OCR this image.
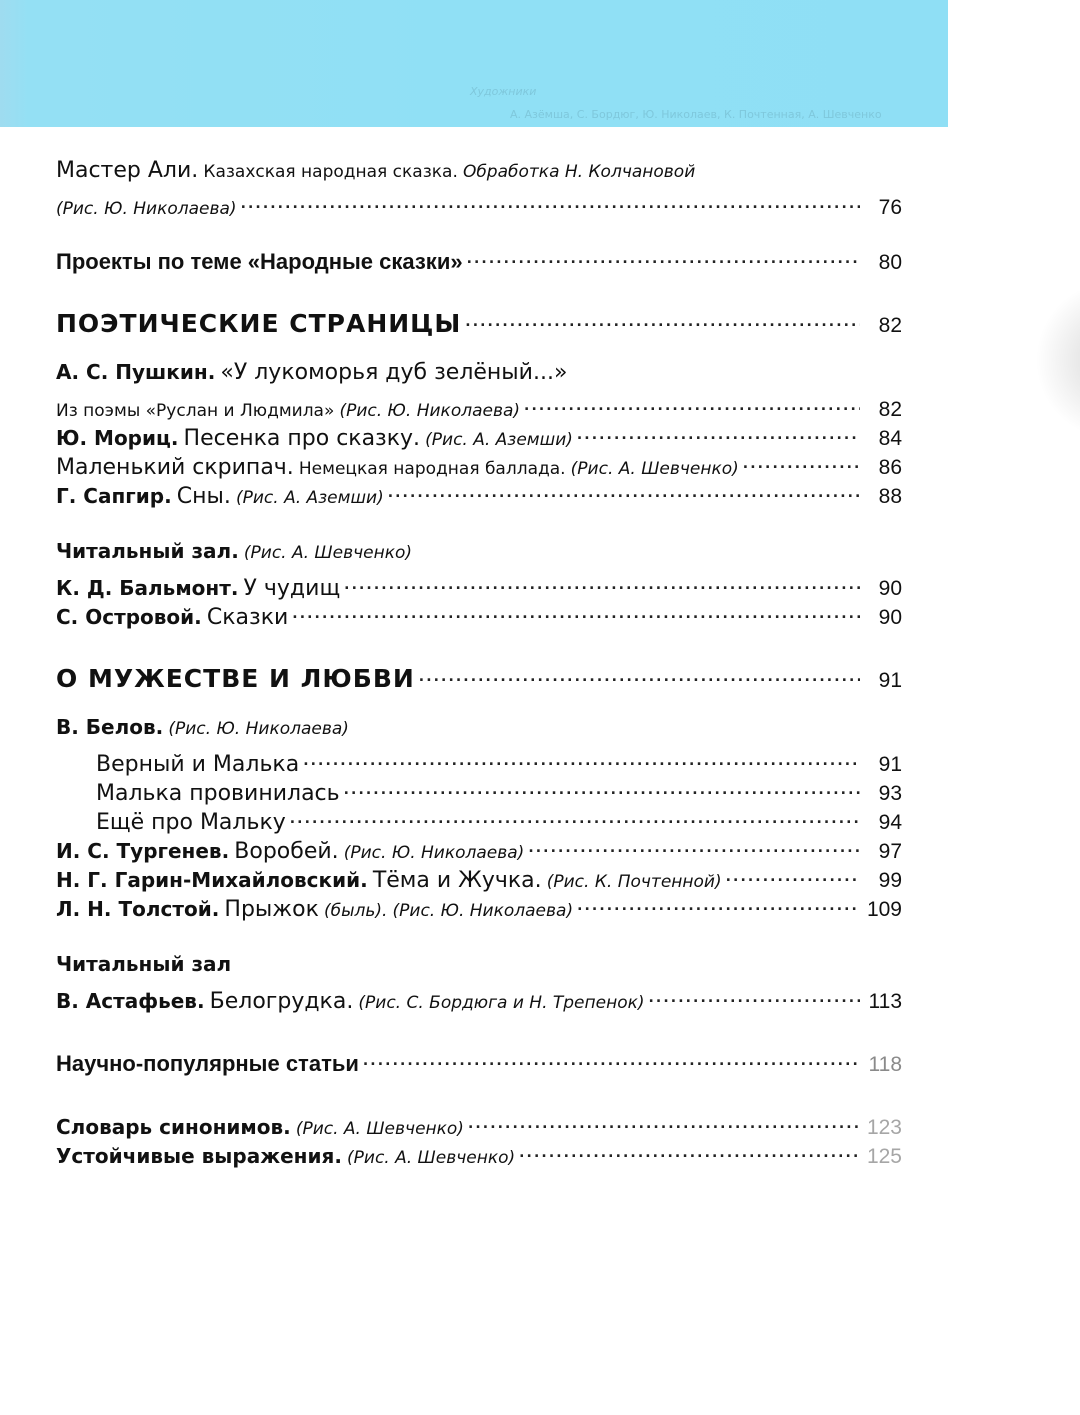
Художники
А. Азёмша, С. Бордюг, Ю. Николаев, К. Почтенная, А. Шевченко
Мастер Али. Казахская народная сказка. Обработка Н. Колчановой
(Рис. Ю. Николаева) .....	76
Проекты по теме «Народные сказки» .....	80
ПОЭТИЧЕСКИЕ СТРАНИЦЫ .....	82
А. С. Пушкин. «У лукоморья дуб зелёный...»
Из поэмы «Руслан и Людмила» (Рис. Ю. Николаева) .....	82
Ю. Мориц. Песенка про сказку. (Рис. А. Аземши) .....	84
Маленький скрипач. Немецкая народная баллада. (Рис. А. Шевченко) .....	86
Г. Сапгир. Сны. (Рис. А. Аземши) .....	88
Читальный зал. (Рис. А. Шевченко)
К. Д. Бальмонт. У чудищ .....	90
С. Островой. Сказки .....	90
О МУЖЕСТВЕ И ЛЮБВИ .....	91
В. Белов. (Рис. Ю. Николаева)
Верный и Малька .....	91
Малька провинилась .....	93
Ещё про Мальку .....	94
И. С. Тургенев. Воробей. (Рис. Ю. Николаева) .....	97
Н. Г. Гарин-Михайловский. Тёма и Жучка. (Рис. К. Почтенной) .....	99
Л. Н. Толстой. Прыжок (быль). (Рис. Ю. Николаева) .....	109
Читальный зал
В. Астафьев. Белогрудка. (Рис. С. Бордюга и Н. Трепенок) .....	113
Научно-популярные статьи .....	118
Словарь синонимов. (Рис. А. Шевченко) .....	123
Устойчивые выражения. (Рис. А. Шевченко) .....	125
